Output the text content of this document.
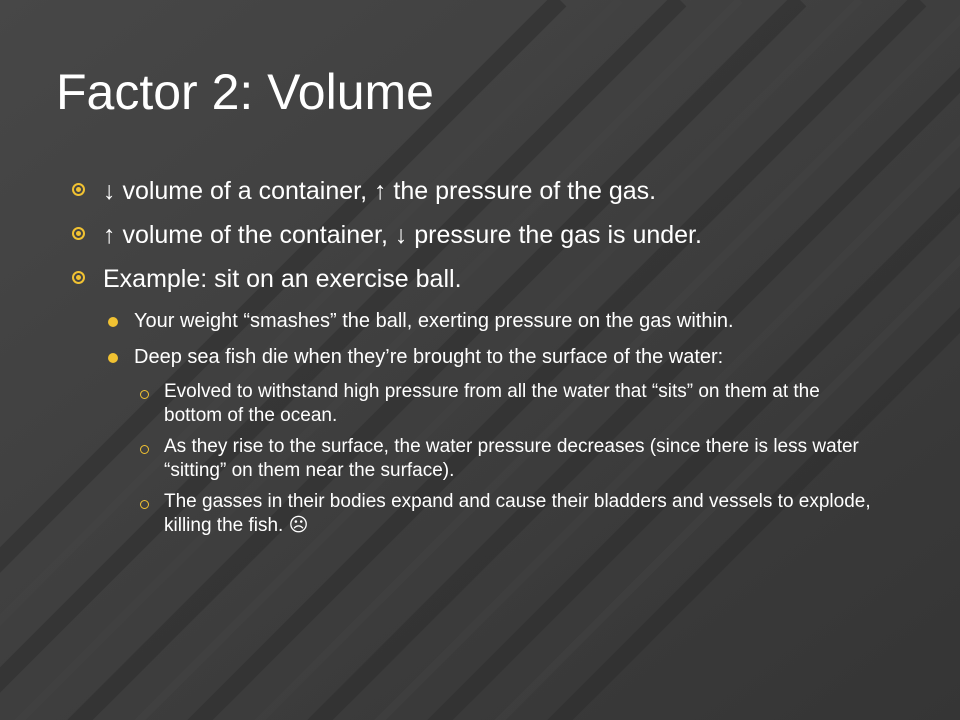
Factor 2: Volume
↓ volume of a container, ↑ the pressure of the gas.
↑ volume of the container, ↓ pressure the gas is under.
Example: sit on an exercise ball.
Your weight “smashes” the ball, exerting pressure on the gas within.
Deep sea fish die when they’re brought to the surface of the water:
Evolved to withstand high pressure from all the water that “sits” on them at the bottom of the ocean.
As they rise to the surface, the water pressure decreases (since there is less water “sitting” on them near the surface).
The gasses in their bodies expand and cause their bladders and vessels to explode, killing the fish. ☹
